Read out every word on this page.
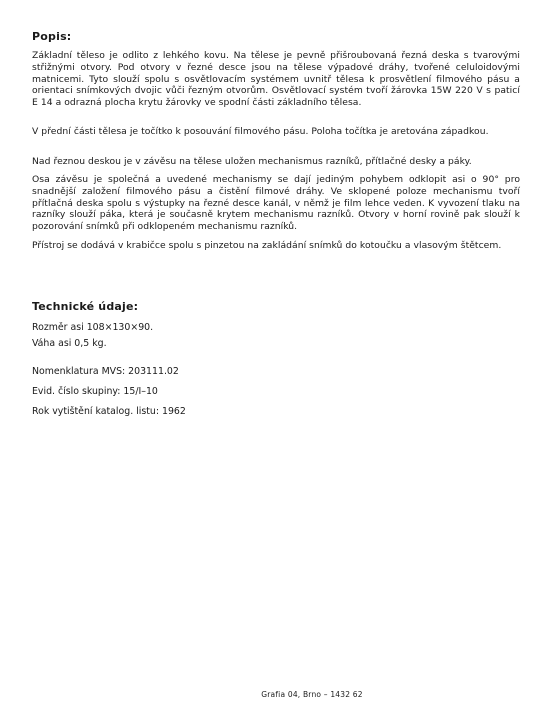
Popis:
Základní těleso je odlito z lehkého kovu. Na tělese je pevně přišroubovaná řezná deska s tvarovými střižnými otvory. Pod otvory v řezné desce jsou na tělese výpadové dráhy, tvořené celuloidovými matnicemi. Tyto slouží spolu s osvětlovacím systémem uvnitř tělesa k prosvětlení filmového pásu a orientaci snímkových dvojic vůči řezným otvorům. Osvětlovací systém tvoří žárovka 15W 220 V s paticí E 14 a odrazná plocha krytu žárovky ve spodní části základního tělesa.
V přední části tělesa je točítko k posouvání filmového pásu. Poloha točítka je aretována západkou.
Nad řeznou deskou je v závěsu na tělese uložen mechanismus razníků, přítlačné desky a páky.
Osa závěsu je společná a uvedené mechanismy se dají jediným pohybem odklopit asi o 90° pro snadnější založení filmového pásu a čistění filmové dráhy. Ve sklopené poloze mechanismu tvoří přítlačná deska spolu s výstupky na řezné desce kanál, v němž je film lehce veden. K vyvození tlaku na razníky slouží páka, která je současně krytem mechanismu razníků. Otvory v horní rovině pak slouží k pozorování snímků při odklopeném mechanismu razníků.
Přístroj se dodává v krabičce spolu s pinzetou na zakládání snímků do kotoučku a vlasovým štětcem.
Technické údaje:
Rozměr asi 108×130×90.
Váha asi 0,5 kg.
Nomenklatura MVS: 203111.02
Evid. číslo skupiny: 15/I–10
Rok vytištění katalog. listu: 1962
Grafia 04, Brno – 1432 62
